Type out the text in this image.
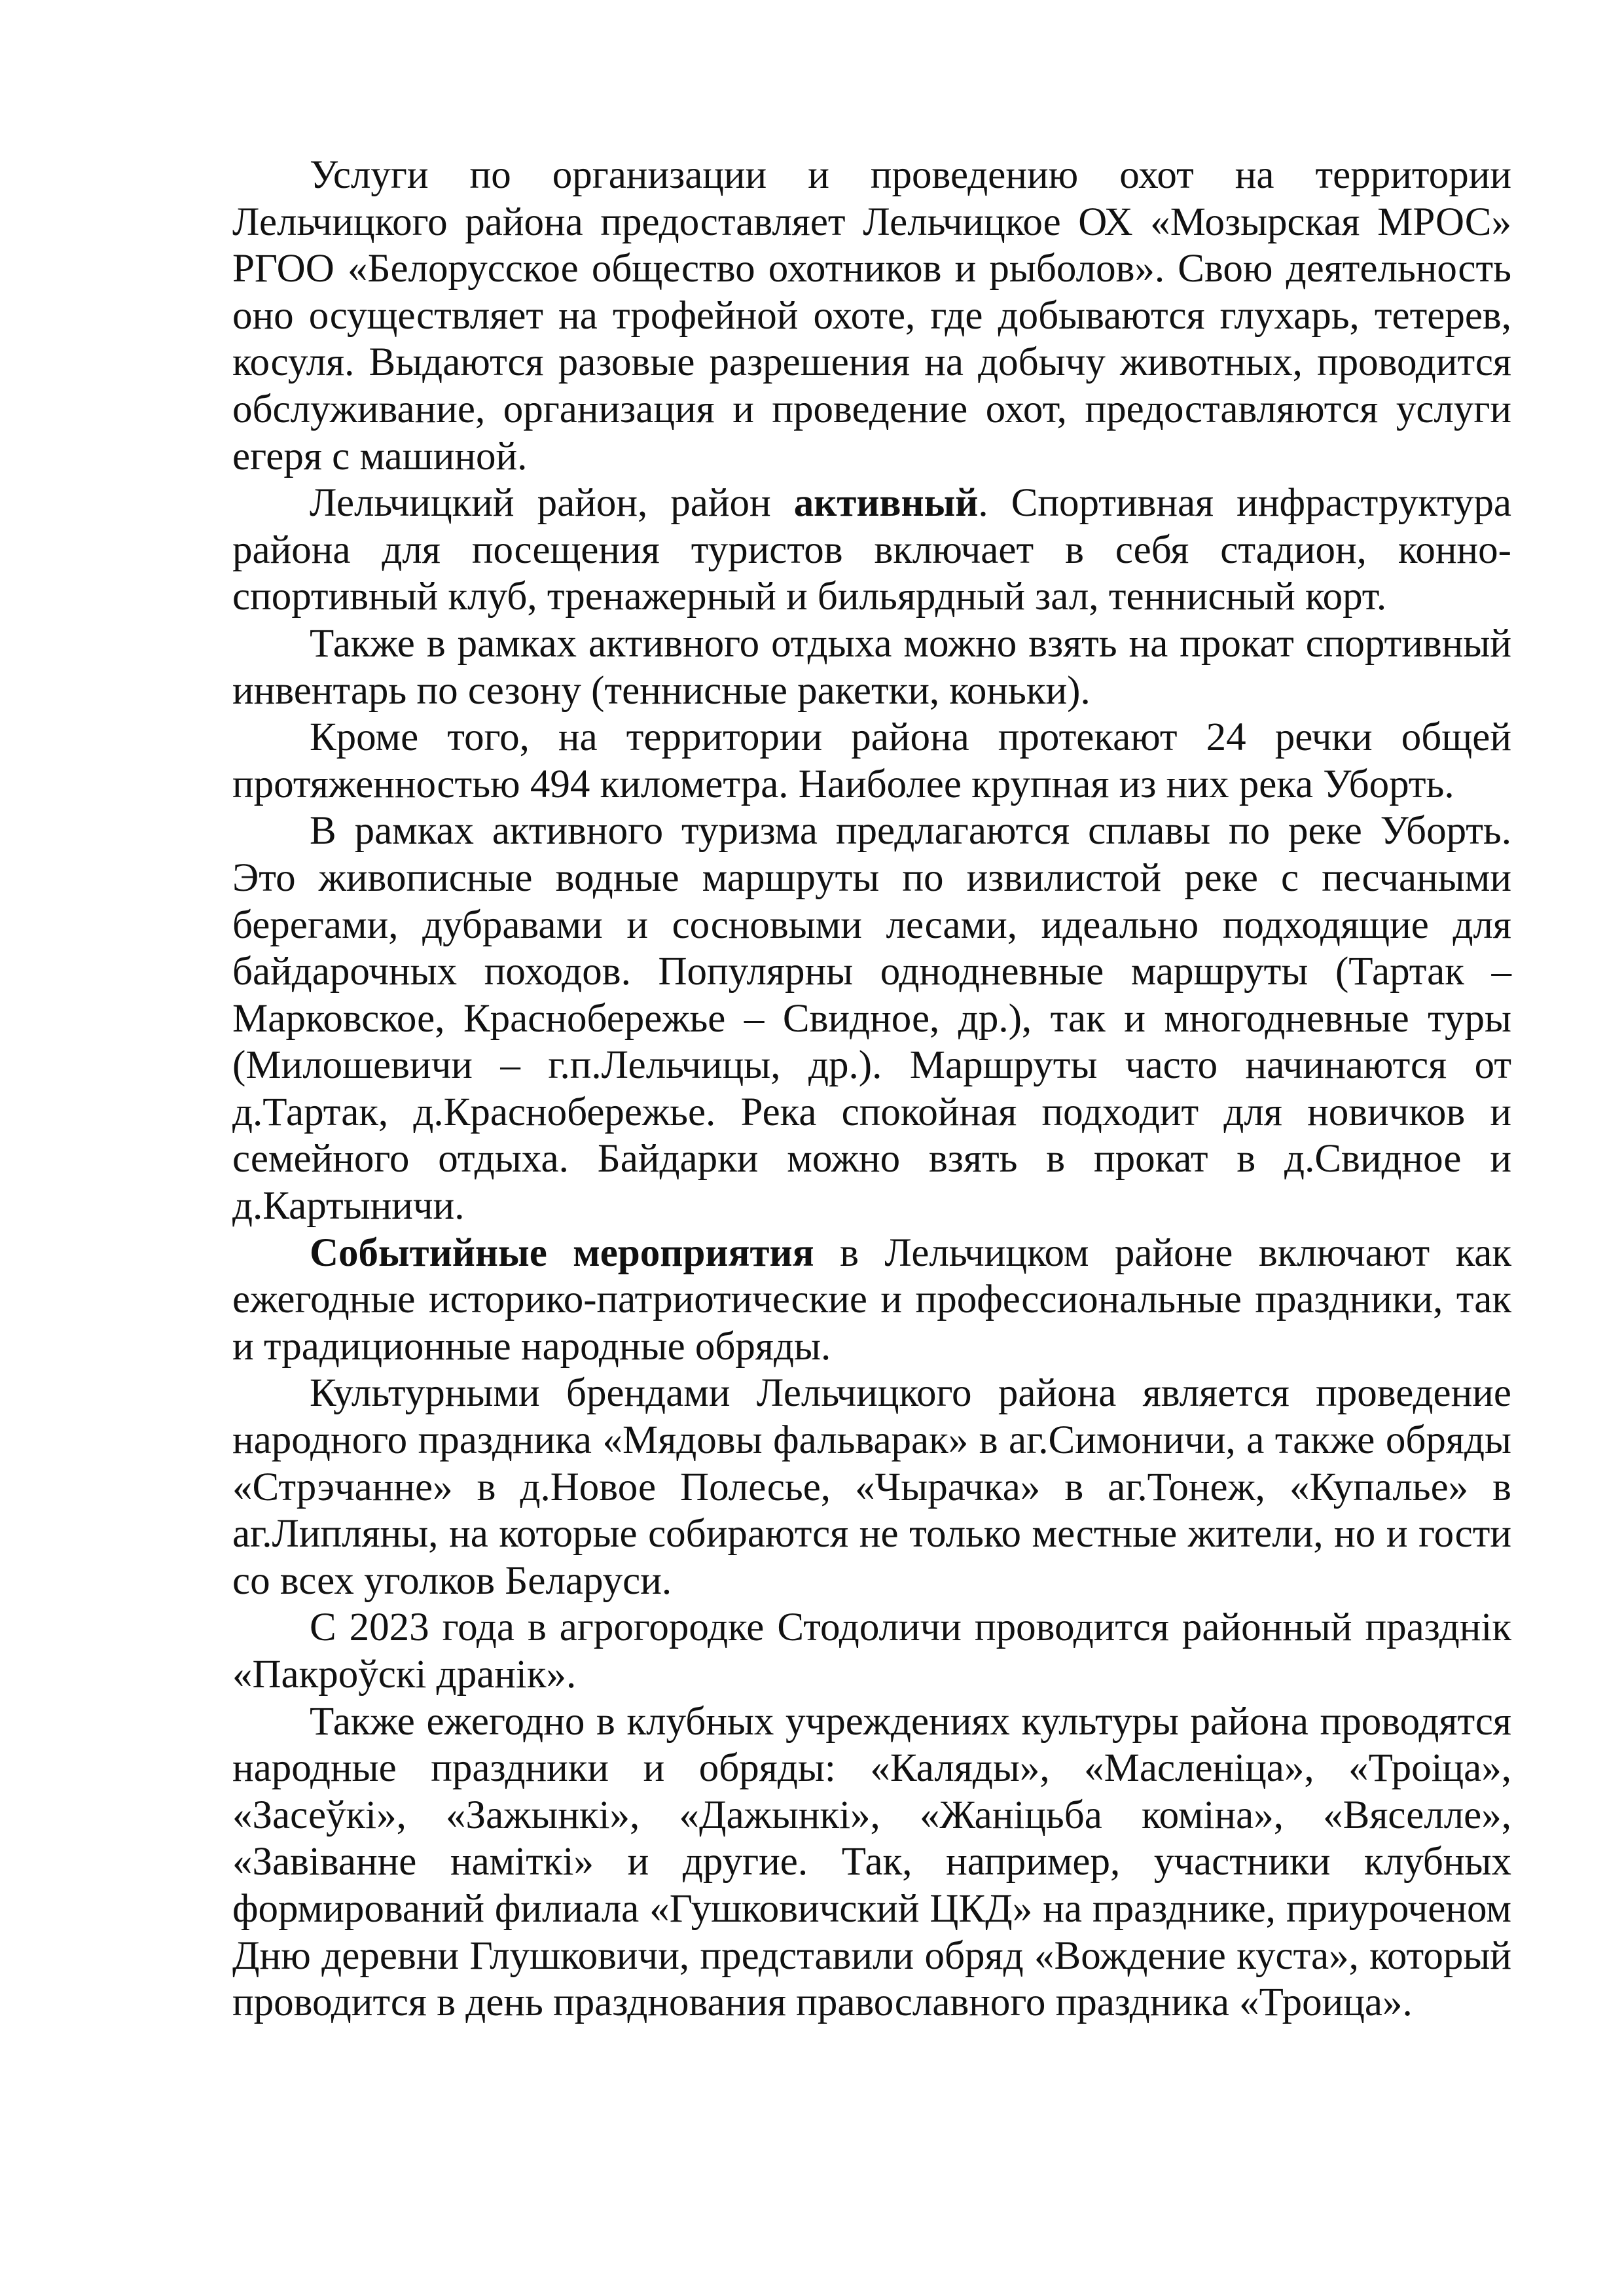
Услуги по организации и проведению охот на территории Лельчицкого района предоставляет Лельчицкое ОХ «Мозырская МРОС» РГОО «Белорусское общество охотников и рыболов». Свою деятельность оно осуществляет на трофейной охоте, где добываются глухарь, тетерев, косуля. Выдаются разовые разрешения на добычу животных, проводится обслуживание, организация и проведение охот, предоставляются услуги егеря с машиной.

Лельчицкий район, район активный. Спортивная инфраструктура района для посещения туристов включает в себя стадион, конно-спортивный клуб, тренажерный и бильярдный зал, теннисный корт.

Также в рамках активного отдыха можно взять на прокат спортивный инвентарь по сезону (теннисные ракетки, коньки).

Кроме того, на территории района протекают 24 речки общей протяженностью 494 километра. Наиболее крупная из них река Уборть.

В рамках активного туризма предлагаются сплавы по реке Уборть. Это живописные водные маршруты по извилистой реке с песчаными берегами, дубравами и сосновыми лесами, идеально подходящие для байдарочных походов. Популярны однодневные маршруты (Тартак – Марковское, Краснобережье – Свидное, др.), так и многодневные туры (Милошевичи – г.п.Лельчицы, др.). Маршруты часто начинаются от д.Тартак, д.Краснобережье. Река спокойная подходит для новичков и семейного отдыха. Байдарки можно взять в прокат в д.Свидное и д.Картыничи.

Событийные мероприятия в Лельчицком районе включают как ежегодные историко-патриотические и профессиональные праздники, так и традиционные народные обряды.

Культурными брендами Лельчицкого района является проведение народного праздника «Мядовы фальварак» в аг.Симоничи, а также обряды «Стрэчанне» в д.Новое Полесье, «Чырачка» в аг.Тонеж, «Купалье» в аг.Липляны, на которые собираются не только местные жители, но и гости со всех уголков Беларуси.

С 2023 года в агрогородке Стодоличи проводится районный празднік «Пакроўскі дранік».

Также ежегодно в клубных учреждениях культуры района проводятся народные праздники и обряды: «Каляды», «Масленіца», «Троіца», «Засеўкі», «Зажынкі», «Дажынкі», «Жаніцьба коміна», «Вяселле», «Завіванне наміткі» и другие. Так, например, участники клубных формирований филиала «Гушковичский ЦКД» на празднике, приуроченом Дню деревни Глушковичи, представили обряд «Вождение куста», который проводится в день празднования православного праздника «Троица».
